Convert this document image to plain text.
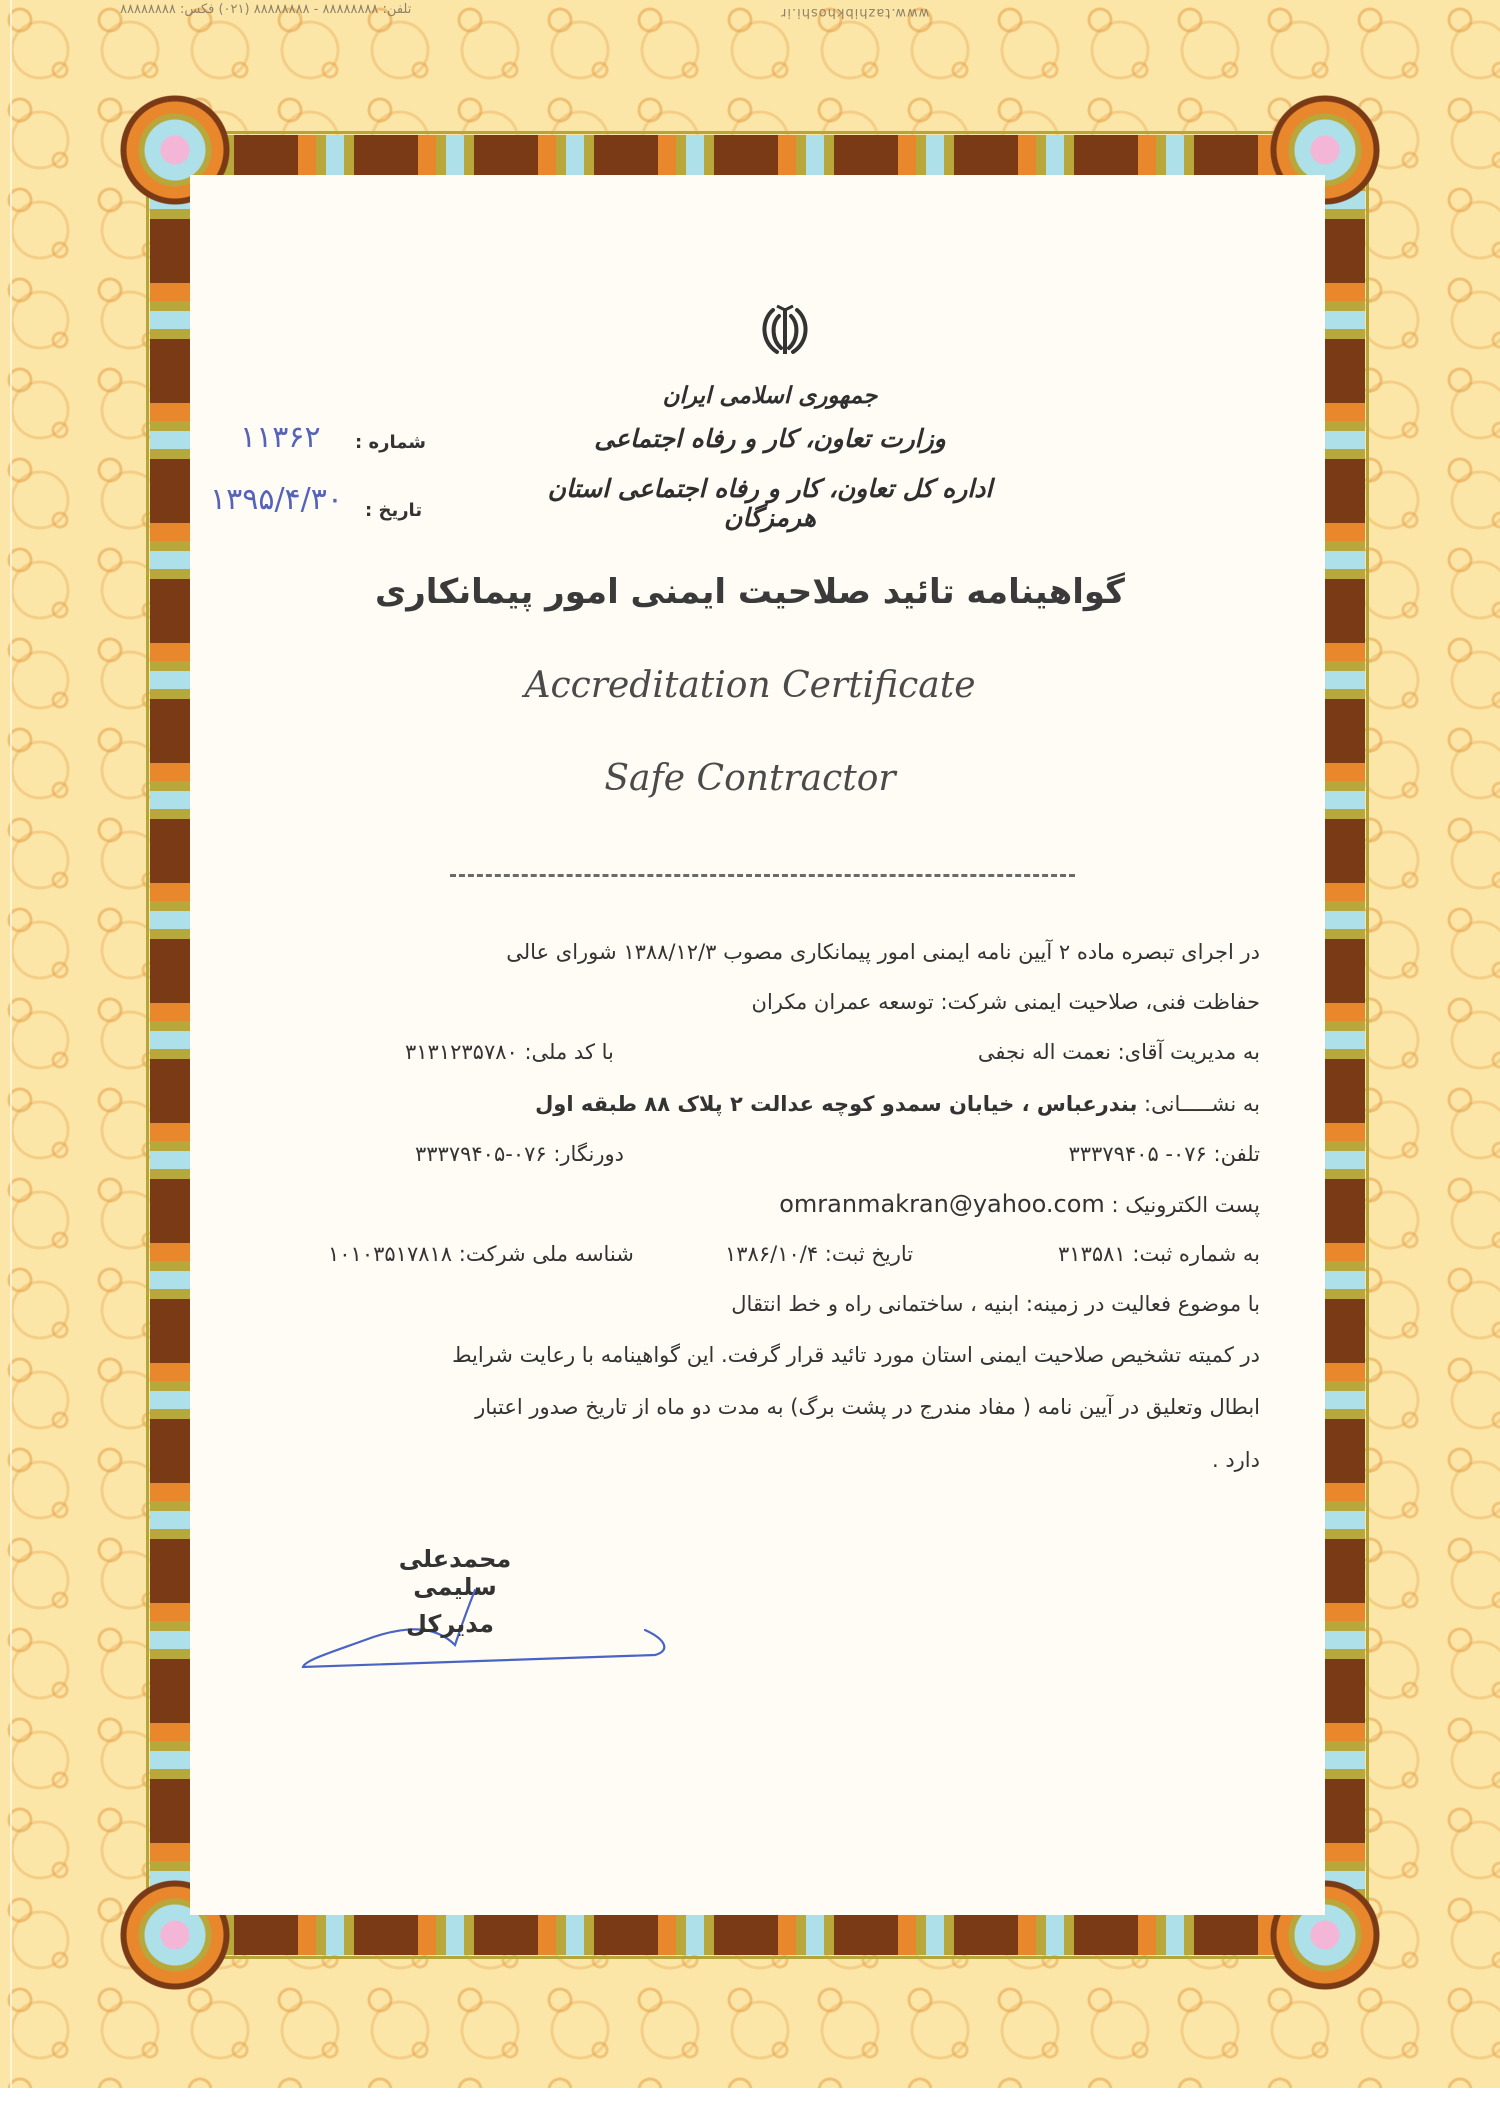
تلفن: ۸۸۸۸۸۸۸۸ - ۸۸۸۸۸۸۸۸ (۰۲۱) فکس: ۸۸۸۸۸۸۸۸	www.tazhibkhoshi.ir
جمهوری اسلامی ایران
وزارت تعاون، کار و رفاه اجتماعی
اداره کل تعاون، کار و رفاه اجتماعی استان هرمزگان
شماره :
۱۱۳۶۲
تاریخ :
۱۳۹۵/۴/۳۰
گواهینامه تائید صلاحیت ایمنی امور پیمانکاری
Accreditation Certificate
Safe Contractor
در اجرای تبصره ماده ۲ آیین نامه ایمنی امور پیمانکاری مصوب ۱۳۸۸/۱۲/۳ شورای عالی
حفاظت فنی، صلاحیت ایمنی شرکت: توسعه عمران مکران
به مدیریت آقای: نعمت اله نجفی
با کد ملی: ۳۱۳۱۲۳۵۷۸۰
به نشـــــانی: بندرعباس ، خیابان سمدو کوچه عدالت ۲ پلاک ۸۸ طبقه اول
تلفن: ۰۷۶- ۳۳۳۷۹۴۰۵
دورنگار: ۰۷۶-۳۳۳۷۹۴۰۵
پست الکترونیک : omranmakran@yahoo.com
به شماره ثبت: ۳۱۳۵۸۱
تاریخ ثبت: ۱۳۸۶/۱۰/۴
شناسه ملی شرکت: ۱۰۱۰۳۵۱۷۸۱۸
با موضوع فعالیت در زمینه: ابنیه ، ساختمانی راه و خط انتقال
در کمیته تشخیص صلاحیت ایمنی استان مورد تائید قرار گرفت. این گواهینامه با رعایت شرایط
ابطال وتعلیق در آیین نامه ( مفاد مندرج در پشت برگ) به مدت دو ماه از تاریخ صدور اعتبار
دارد .
محمدعلی سلیمی
مدیرکل
